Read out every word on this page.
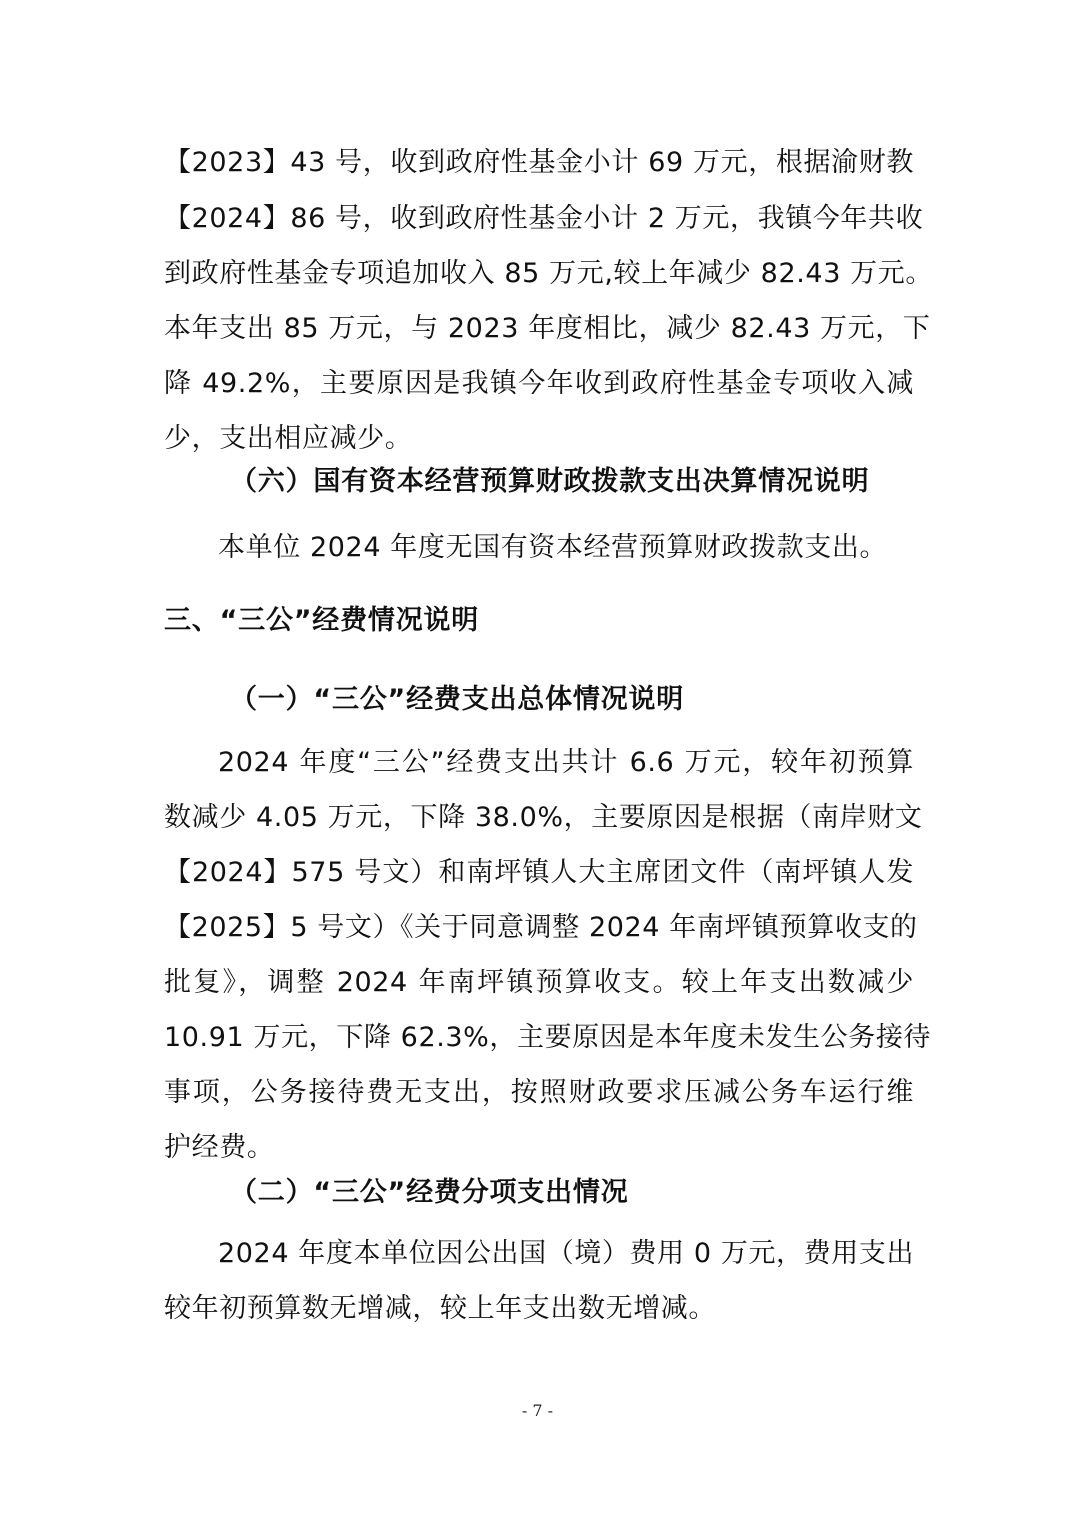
【2023】43 号，收到政府性基金小计 69 万元，根据渝财教
【2024】86 号，收到政府性基金小计 2 万元，我镇今年共收
到政府性基金专项追加收入 85 万元,较上年减少 82.43 万元。
本年支出 85 万元，与 2023 年度相比，减少 82.43 万元，下
降 49.2%，主要原因是我镇今年收到政府性基金专项收入减
少，支出相应减少。
（六）国有资本经营预算财政拨款支出决算情况说明
本单位 2024 年度无国有资本经营预算财政拨款支出。
三、“三公”经费情况说明
（一）“三公”经费支出总体情况说明
2024 年度“三公”经费支出共计 6.6 万元，较年初预算
数减少 4.05 万元，下降 38.0%，主要原因是根据（南岸财文
【2024】575 号文）和南坪镇人大主席团文件（南坪镇人发
【2025】5 号文）《关于同意调整 2024 年南坪镇预算收支的
批复》，调整 2024 年南坪镇预算收支。较上年支出数减少
10.91 万元，下降 62.3%，主要原因是本年度未发生公务接待
事项，公务接待费无支出，按照财政要求压减公务车运行维
护经费。
（二）“三公”经费分项支出情况
2024 年度本单位因公出国（境）费用 0 万元，费用支出
较年初预算数无增减，较上年支出数无增减。
- 7 -
